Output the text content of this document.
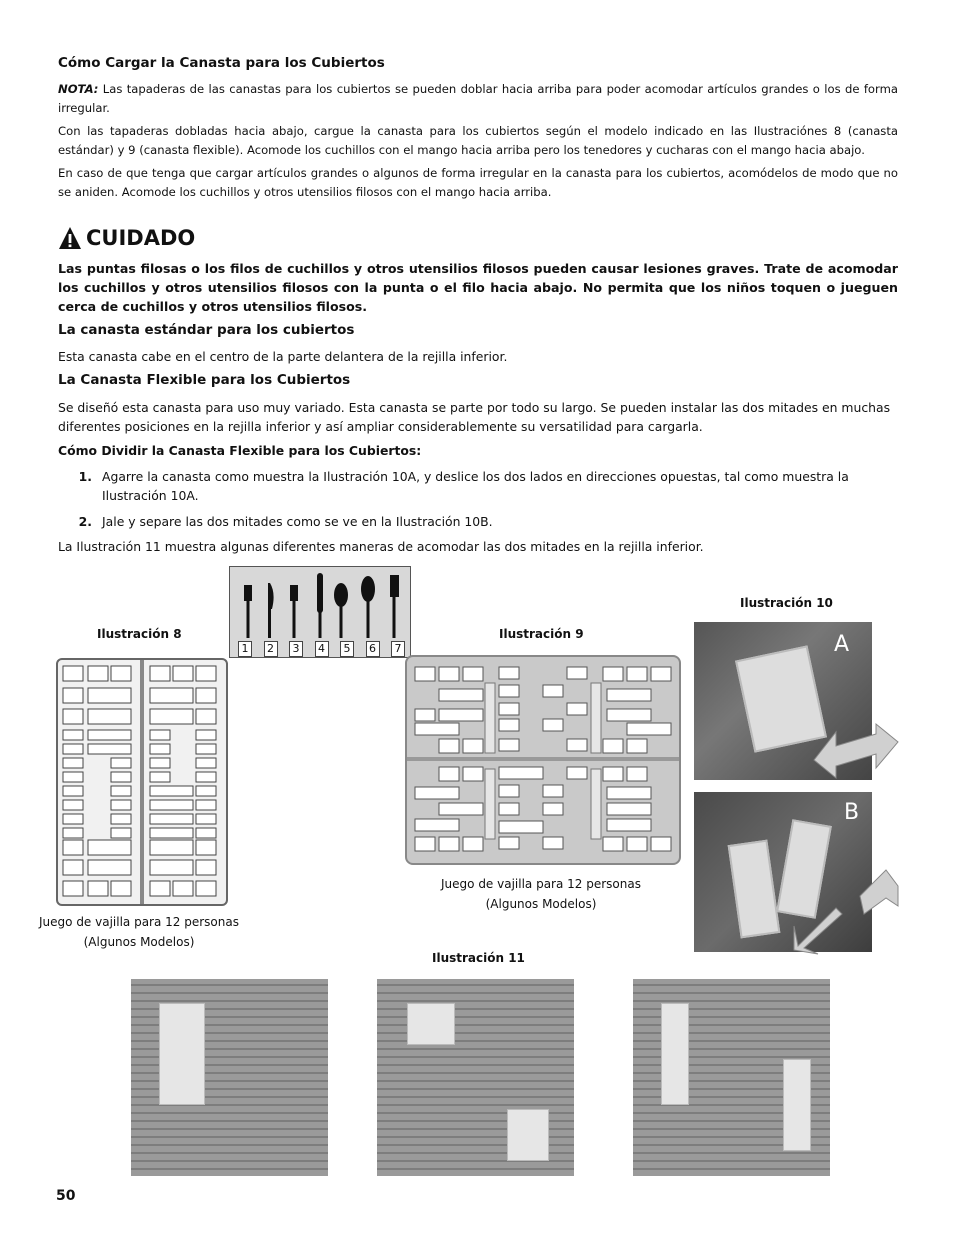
Cómo Cargar la Canasta para los Cubiertos
NOTA: Las tapaderas de las canastas para los cubiertos se pueden doblar hacia arriba para poder acomodar artículos grandes o los de forma irregular.
Con las tapaderas dobladas hacia abajo, cargue la canasta para los cubiertos según el modelo indicado en las Ilustraciónes 8 (canasta estándar) y 9 (canasta flexible). Acomode los cuchillos con el mango hacia arriba pero los tenedores y cucharas con el mango hacia abajo.
En caso de que tenga que cargar artículos grandes o algunos de forma irregular en la canasta para los cubiertos, acomódelos de modo que no se aniden. Acomode los cuchillos y otros utensilios filosos con el mango hacia arriba.
CUIDADO
Las puntas filosas o los filos de cuchillos y otros utensilios filosos pueden causar lesiones graves. Trate de acomodar los cuchillos y otros utensilios filosos con la punta o el filo hacia abajo. No permita que los niños toquen o jueguen cerca de cuchillos y otros utensilios filosos.
La canasta estándar para los cubiertos
Esta canasta cabe en el centro de la parte delantera de la rejilla inferior.
La Canasta Flexible para los Cubiertos
Se diseñó esta canasta para uso muy variado. Esta canasta se parte por todo su largo. Se pueden instalar las dos mitades en muchas diferentes posiciones en la rejilla inferior y así ampliar considerablemente su versatilidad para cargarla.
Cómo Dividir la Canasta Flexible para los Cubiertos:
1. Agarre la canasta como muestra la Ilustración 10A, y deslice los dos lados en direcciones opuestas, tal como muestra la Ilustración 10A.
2. Jale y separe las dos mitades como se ve en la Ilustración 10B.
La Ilustración 11 muestra algunas diferentes maneras de acomodar las dos mitades en la rejilla inferior.
1	2	3	4	5	6	7
Ilustración 8	Ilustración 9
Ilustración 10
Ilustración 11
Juego de vajilla para 12 personas
(Algunos Modelos)
Juego de vajilla para 12 personas
(Algunos Modelos)
A
B
50
